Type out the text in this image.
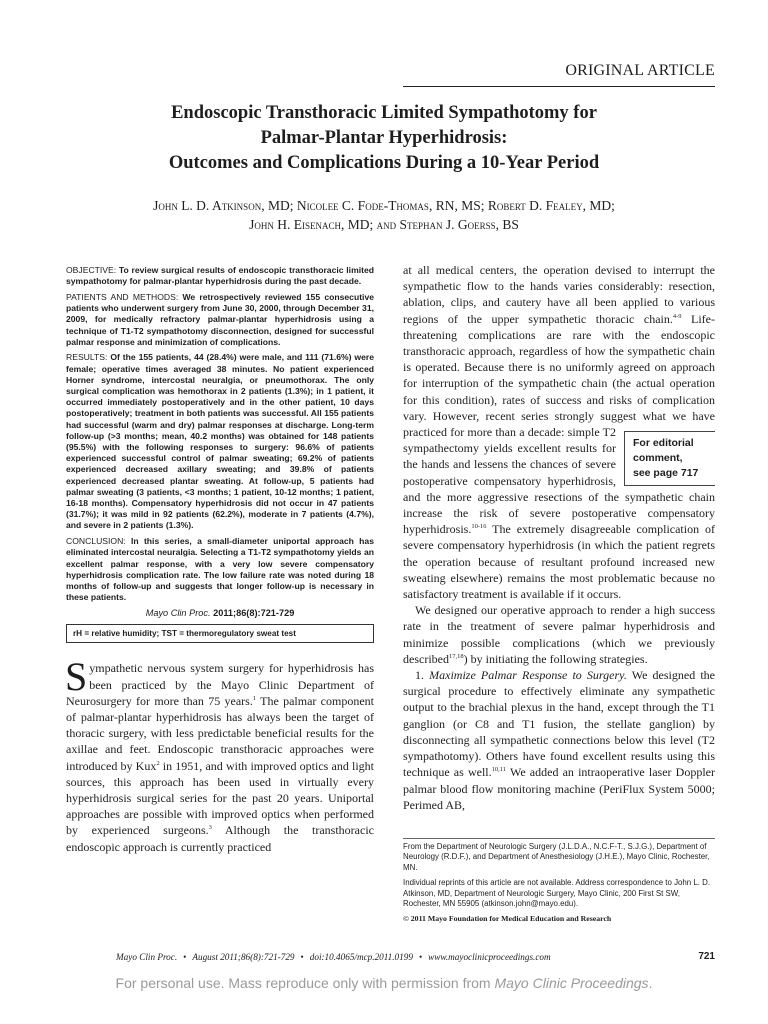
ORIGINAL ARTICLE
Endoscopic Transthoracic Limited Sympathotomy for
Palmar-Plantar Hyperhidrosis:
Outcomes and Complications During a 10-Year Period
John L. D. Atkinson, MD; Nicolee C. Fode-Thomas, RN, MS; Robert D. Fealey, MD;
John H. Eisenach, MD; and Stephan J. Goerss, BS

OBJECTIVE: To review surgical results of endoscopic transthoracic limited sympathotomy for palmar-plantar hyperhidrosis during the past decade.

PATIENTS AND METHODS: We retrospectively reviewed 155 consecutive patients who underwent surgery from June 30, 2000, through December 31, 2009, for medically refractory palmar-plantar hyperhidrosis using a technique of T1-T2 sympathotomy disconnection, designed for successful palmar response and minimization of complications.

RESULTS: Of the 155 patients, 44 (28.4%) were male, and 111 (71.6%) were female; operative times averaged 38 minutes. No patient experienced Horner syndrome, intercostal neuralgia, or pneumothorax. The only surgical complication was hemothorax in 2 patients (1.3%); in 1 patient, it occurred immediately postoperatively and in the other patient, 10 days postoperatively; treatment in both patients was successful. All 155 patients had successful (warm and dry) palmar responses at discharge. Long-term follow-up (>3 months; mean, 40.2 months) was obtained for 148 patients (95.5%) with the following responses to surgery: 96.6% of patients experienced successful control of palmar sweating; 69.2% of patients experienced decreased axillary sweating; and 39.8% of patients experienced decreased plantar sweating. At follow-up, 5 patients had palmar sweating (3 patients, <3 months; 1 patient, 10-12 months; 1 patient, 16-18 months). Compensatory hyperhidrosis did not occur in 47 patients (31.7%); it was mild in 92 patients (62.2%), moderate in 7 patients (4.7%), and severe in 2 patients (1.3%).

CONCLUSION: In this series, a small-diameter uniportal approach has eliminated intercostal neuralgia. Selecting a T1-T2 sympathotomy yields an excellent palmar response, with a very low severe compensatory hyperhidrosis complication rate. The low failure rate was noted during 18 months of follow-up and suggests that longer follow-up is necessary in these patients.

Mayo Clin Proc. 2011;86(8):721-729
rH = relative humidity; TST = thermoregulatory sweat test
Sympathetic nervous system surgery for hyperhidrosis has been practiced by the Mayo Clinic Department of Neurosurgery for more than 75 years.$^1$ The palmar component of palmar-plantar hyperhidrosis has always been the target of thoracic surgery, with less predictable beneficial results for the axillae and feet. Endoscopic transthoracic approaches were introduced by Kux$^2$ in 1951, and with improved optics and light sources, this approach has been used in virtually every hyperhidrosis surgical series for the past 20 years. Uniportal approaches are possible with improved optics when performed by experienced surgeons.$^3$ Although the transthoracic endoscopic approach is currently practiced

at all medical centers, the operation devised to interrupt the sympathetic flow to the hands varies considerably: resection, ablation, clips, and cautery have all been applied to various regions of the upper sympathetic thoracic chain.$^{4-9}$ Life-threatening complications are rare with the endoscopic transthoracic approach, regardless of how the sympathetic chain is operated. Because there is no uniformly agreed on approach for interruption of the sympathetic chain (the actual operation for this condition), rates of success and risks of complication vary. However, recent series strongly suggest what we have practiced for more
For editorial
comment,
see page 717
than a decade: simple T2 sympathectomy yields excellent results for the hands and lessens the chances of severe postoperative compensatory hyperhidrosis, and the more aggressive resections of the sympathetic chain increase the risk of severe postoperative compensatory hyperhidrosis.$^{10-16}$ The extremely disagreeable complication of severe compensatory hyperhidrosis (in which the patient regrets the operation because of resultant profound increased new sweating elsewhere) remains the most problematic because no satisfactory treatment is available if it occurs.

We designed our operative approach to render a high success rate in the treatment of severe palmar hyperhidrosis and minimize possible complications (which we previously described$^{17,18}$) by initiating the following strategies.

1. Maximize Palmar Response to Surgery. We designed the surgical procedure to effectively eliminate any sympathetic output to the brachial plexus in the hand, except through the T1 ganglion (or C8 and T1 fusion, the stellate ganglion) by disconnecting all sympathetic connections below this level (T2 sympathotomy). Others have found excellent results using this technique as well.$^{10,11}$ We added an intraoperative laser Doppler palmar blood flow monitoring machine (PeriFlux System 5000; Perimed AB,

From the Department of Neurologic Surgery (J.L.D.A., N.C.F-T., S.J.G.), Department of Neurology (R.D.F.), and Department of Anesthesiology (J.H.E.), Mayo Clinic, Rochester, MN.

Individual reprints of this article are not available. Address correspondence to John L. D. Atkinson, MD, Department of Neurologic Surgery, Mayo Clinic, 200 First St SW, Rochester, MN 55905 (atkinson.john@mayo.edu).

© 2011 Mayo Foundation for Medical Education and Research

Mayo Clin Proc. • August 2011;86(8):721-729 • doi:10.4065/mcp.2011.0199 • www.mayoclinicproceedings.com	721
For personal use. Mass reproduce only with permission from Mayo Clinic Proceedings.
